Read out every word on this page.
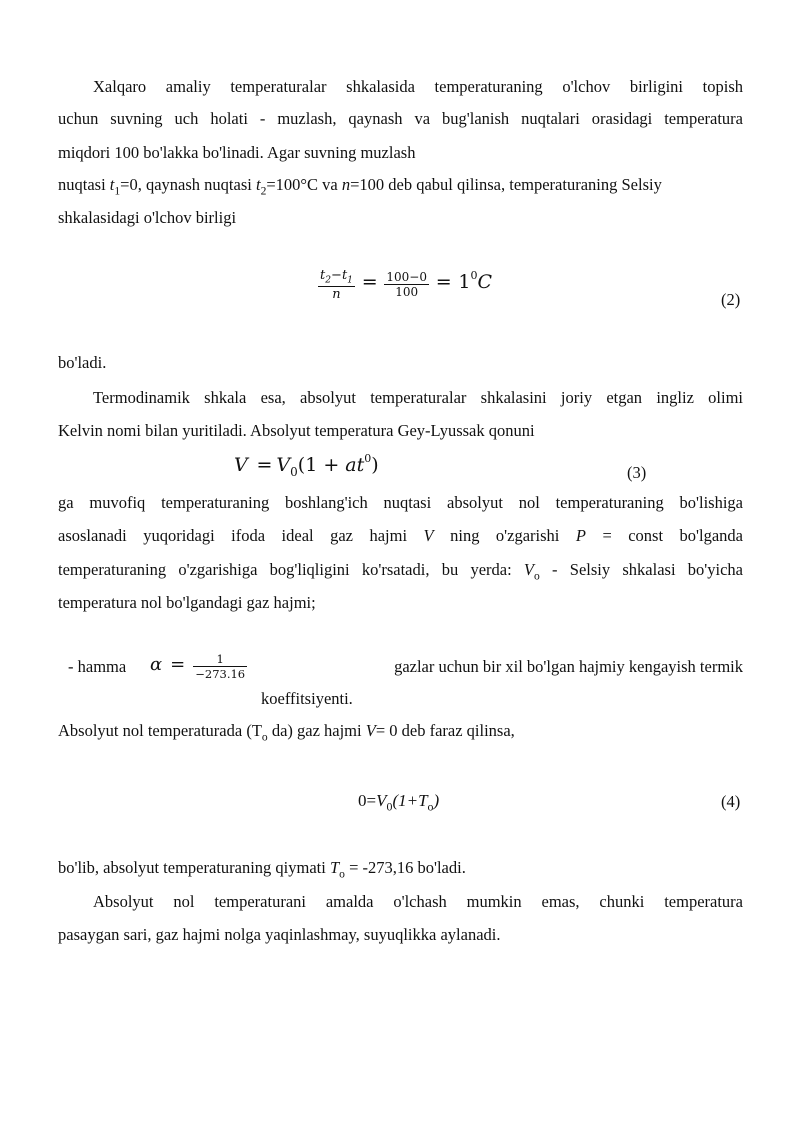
Xalqaro amaliy temperaturalar shkalasida temperaturaning o'lchov birligini topish
uchun suvning uch holati - muzlash, qaynash va bug'lanish nuqtalari orasidagi temperatura
miqdori 100 bo'lakka bo'linadi. Agar suvning muzlash
nuqtasi $t_1=0$, qaynash nuqtasi $t_2=100^\circ C$ va n=100 deb qabul qilinsa, temperaturaning Selsiy
shkalasidagi o'lchov birligi
$\frac{t_2-t_1}{n} = \frac{100-0}{100} = 1^0C$
(2)
bo'ladi.
Termodinamik shkala esa, absolyut temperaturalar shkalasini joriy etgan ingliz olimi
Kelvin nomi bilan yuritiladi. Absolyut temperatura Gey-Lyussak qonuni
$V = V_0(1 + at^0)$	(3)
ga muvofiq temperaturaning boshlang'ich nuqtasi absolyut nol temperaturaning bo'lishiga
asoslanadi yuqoridagi ifoda ideal gaz hajmi V ning o'zgarishi P = const bo'lganda
temperaturaning o'zgarishiga bog'liqligini ko'rsatadi, bu yerda: $V_o$ - Selsiy shkalasi bo'yicha
temperatura nol bo'lgandagi gaz hajmi;
- hamma $\alpha = \frac{1}{-273.16}$	gazlar uchun bir xil bo'lgan hajmiy kengayish termik
koeffitsiyenti.
Absolyut nol temperaturada ($T_o$ da) gaz hajmi V= 0 deb faraz qilinsa,
$0=V_0(1+T_o)$	(4)
bo'lib, absolyut temperaturaning qiymati $T_o = -273,16$ bo'ladi.
Absolyut nol temperaturani amalda o'lchash mumkin emas, chunki temperatura
pasaygan sari, gaz hajmi nolga yaqinlashmay, suyuqlikka aylanadi.
